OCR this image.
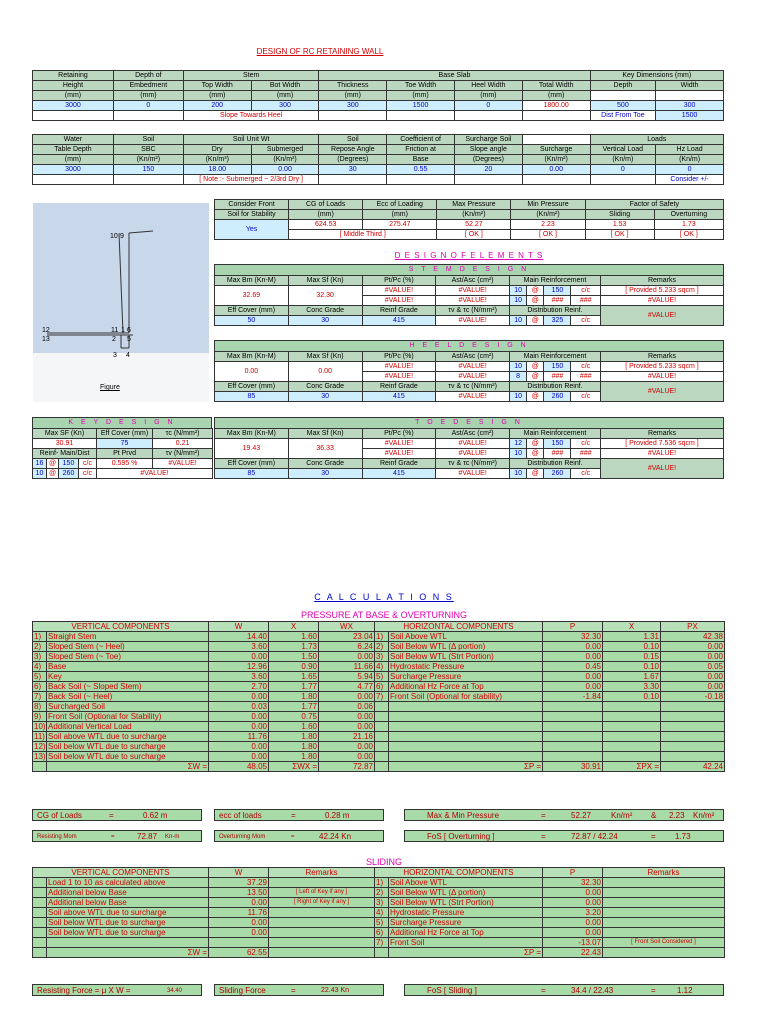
DESIGN OF RC RETAINING WALL
Retaining	Depth of	Stem		Base Slab				Key Dimensions (mm)	
Height	Embedment	Top Width	Bot Width	Thickness	Toe Width	Heel Width	Total Width	Depth	Width
(mm)	(mm)	(mm)	(mm)	(mm)	(mm)	(mm)	(mm)		
3000	0	200	300	300	1500	0	1800.00	500	300
		Slope Towards Heel						Dist From Toe	1500
Water	Soil	Soil Unit Wt		Soil	Coefficient of	Surcharge Soil		Loads	
Table Depth	SBC	Dry	Submerged	Repose Angle	Friction at	Slope angle	Surcharge	Vertical Load	Hz Load
(mm)	(Kn/m²)	(Kn/m³)	(Kn/m³)	(Degrees)	Base	(Degrees)	(Kn/m²)	(Kn/m)	(Kn/m)
3000	150	18.00	0.00	30	0.55	20	0.00	0	0
		[ Note :- Submerged ~ 2/3rd Dry ]							Consider +/-
10 9
12
13
11
2
6
5
3 4
1
Figure
Consider Front	CG of Loads	Ecc of Loading	Max Pressure	Min Pressure	Factor of Safety	
Soil for Stability	(mm)	(mm)	(Kn/m²)	(Kn/m²)	Sliding	Overturning
Yes	624.53	275.47	52.27	2.23	1.53	1.73
	[ Middle Third ]		[ OK ]	[ OK ]	[ OK ]	[ OK ]
D E S I G N O F E L E M E N T S
S T E M D E S I G N
Max Bm (Kn-M)	Max Sf (Kn)	Pt/Pc (%)	Ast/Asc (cm²)	Main Reinforcement				Remarks
32.69	32.30	#VALUE!	#VALUE!	10	@	150	c/c	[ Provided 5.233 sqcm ]
		#VALUE!	#VALUE!	10	@	###	###	#VALUE!
Eff Cover (mm)	Conc Grade	Reinf Grade	τv & τc (N/mm²)	Distribution Reinf.				#VALUE!
50	30	415	#VALUE!	10	@	325	c/c	
H E E L D E S I G N
Max Bm (Kn-M)	Max Sf (Kn)	Pt/Pc (%)	Ast/Asc (cm²)	Main Reinforcement				Remarks
0.00	0.00	#VALUE!	#VALUE!	10	@	150	c/c	[ Provided 5.233 sqcm ]
		#VALUE!	#VALUE!	8	@	###	###	#VALUE!
Eff Cover (mm)	Conc Grade	Reinf Grade	τv & τc (N/mm²)	Distribution Reinf.				#VALUE!
85	30	415	#VALUE!	10	@	260	c/c	
K E Y D E S I G N
Max SF (Kn)				Eff Cover (mm)	τc (N/mm²)
30.91				75	0.21
Reinf- Main/Dist				Pt Prvd	τv (N/mm²)
16	@	150	c/c	0.595 %	#VALUE!
10	@	260	c/c	#VALUE!	
T O E D E S I G N
Max Bm (Kn-M)	Max Sf (Kn)	Pt/Pc (%)	Ast/Asc (cm²)	Main Reinforcement				Remarks
19.43	36.33	#VALUE!	#VALUE!	12	@	150	c/c	[ Provided 7.536 sqcm ]
		#VALUE!	#VALUE!	10	@	###	###	#VALUE!
Eff Cover (mm)	Conc Grade	Reinf Grade	τv & τc (N/mm²)	Distribution Reinf.				#VALUE!
85	30	415	#VALUE!	10	@	260	c/c	
C A L C U L A T I O N S
PRESSURE AT BASE & OVERTURNING
VERTICAL COMPONENTS		W	X	WX	HORIZONTAL COMPONENTS		P	X	PX
1)	Straight Stem	14.40	1.60	23.04	1)	Soil Above WTL	32.30	1.31	42.38
2)	Sloped Stem (~ Heel)	3.60	1.73	6.24	2)	Soil Below WTL (Δ portion)	0.00	0.10	0.00
3)	Sloped Stem (~ Toe)	0.00	1.50	0.00	3)	Soil Below WTL (Strt Portion)	0.00	0.15	0.00
4)	Base	12.96	0.90	11.66	4)	Hydrostatic Pressure	0.45	0.10	0.05
5)	Key	3.60	1.65	5.94	5)	Surcharge Pressure	0.00	1.67	0.00
6)	Back Soil (~ Sloped Stem)	2.70	1.77	4.77	6)	Additional Hz Force at Top	0.00	3.30	0.00
7)	Back Soil (~ Heel)	0.00	1.80	0.00	7)	Front Soil (Optional for stability)	-1.84	0.10	-0.18
8)	Surcharged Soil	0.03	1.77	0.06					
9)	Front Soil (Optional for Stability)	0.00	0.75	0.00					
10)	Additional Vertical Load	0.00	1.60	0.00					
11)	Soil above WTL due to surcharge	11.76	1.80	21.16					
12)	Soil below WTL due to surcharge	0.00	1.80	0.00					
13)	Soil below WTL due to surcharge	0.00	1.80	0.00					
	ΣW =	48.05	ΣWX =	72.87		ΣP =	30.91	ΣPX =	42.24
CG of Loads	=	0.62 m	ecc of loads	=	0.28 m	Max & Min Pressure	=	52.27 Kn/m² & 2.23 Kn/m²
Resisting Mom	=	72.87 Kn-m	Overturning Mom	=	42.24 Kn	FoS [ Overturning ]	=	72.87 / 42.24	= 1.73
SLIDING
VERTICAL COMPONENTS		W	Remarks	HORIZONTAL COMPONENTS		P	Remarks
	Load 1 to 10 as calculated above	37.29		1)	Soil Above WTL	32.30	
	Additional below Base	13.50	[ Left of Key if any ]	2)	Soil Below WTL (Δ portion)	0.00	
	Additional below Base	0.00	[ Right of Key if any ]	3)	Soil Below WTL (Strt Portion)	0.00	
	Soil above WTL due to surcharge	11.76		4)	Hydrostatic Pressure	3.20	
	Soil below WTL due to surcharge	0.00		5)	Surcharge Pressure	0.00	
	Soil below WTL due to surcharge	0.00		6)	Additional Hz Force at Top	0.00	
				7)	Front Soil	-13.07	[ Front Soil Considered ]
	ΣW =	62.55			ΣP =	22.43	
Resisting Force = μ X W =	34.40	Sliding Force	=	22.43 Kn	FoS [ Sliding ]	=	34.4 / 22.43	=	1.12
